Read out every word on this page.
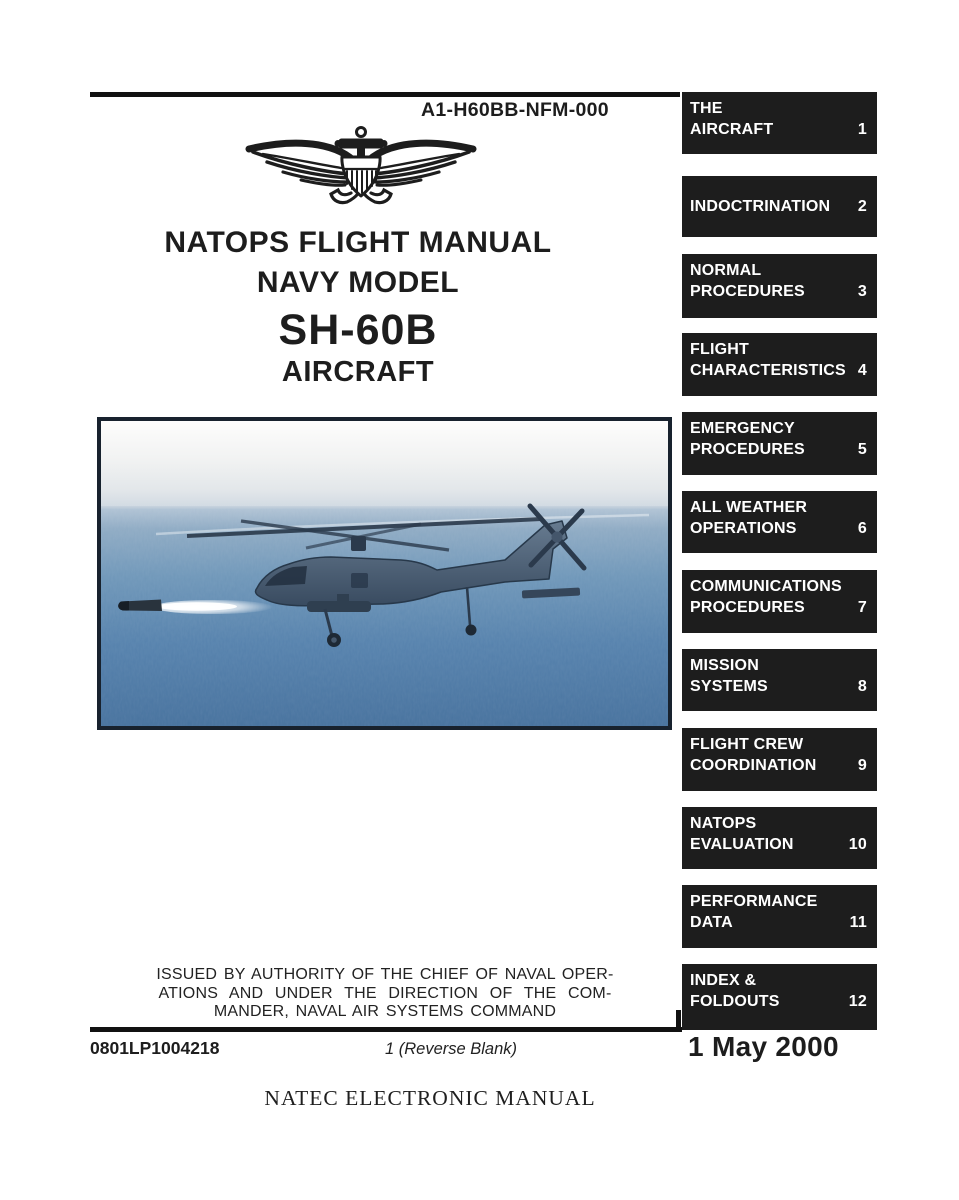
A1-H60BB-NFM-000
NATOPS FLIGHT MANUAL
NAVY MODEL
SH-60B
AIRCRAFT
THE
AIRCRAFT	1
INDOCTRINATION 2
NORMAL
PROCEDURES	3
FLIGHT
CHARACTERISTICS 4
EMERGENCY
PROCEDURES	5
ALL WEATHER
OPERATIONS	6
COMMUNICATIONS
PROCEDURES	7
MISSION
SYSTEMS	8
FLIGHT CREW
COORDINATION	9
NATOPS
EVALUATION	10
PERFORMANCE
DATA	11
INDEX &
FOLDOUTS	12
ISSUED BY AUTHORITY OF THE CHIEF OF NAVAL OPER-
ATIONS AND UNDER THE DIRECTION OF THE COM-
MANDER, NAVAL AIR SYSTEMS COMMAND
0801LP1004218	1 (Reverse Blank)	1 May 2000
NATEC ELECTRONIC MANUAL
